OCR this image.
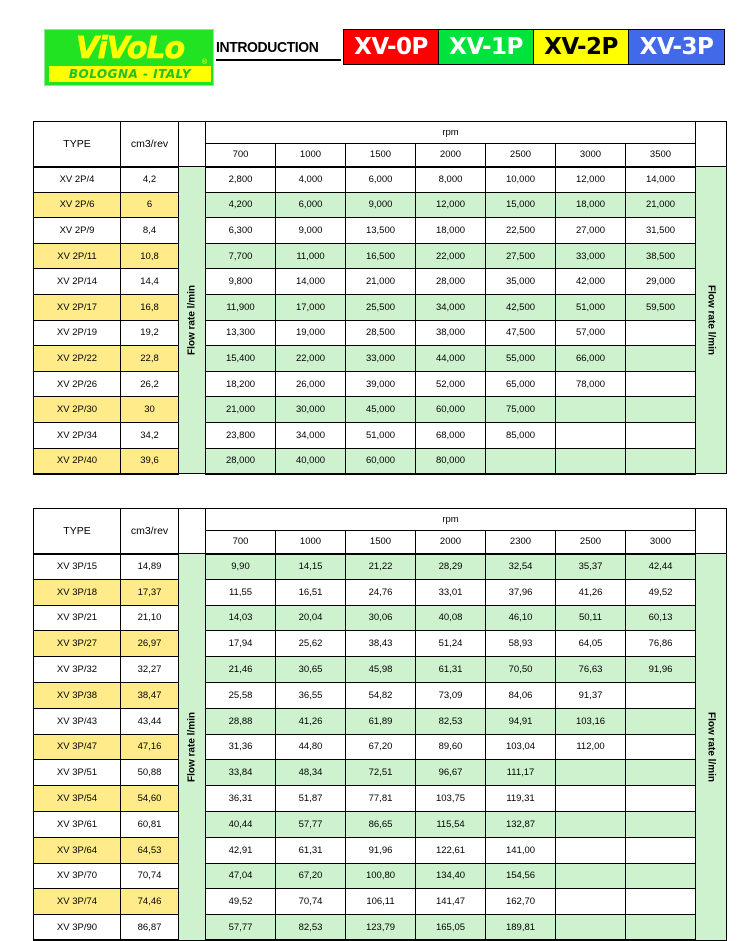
ViVoLo	®
BOLOGNA - ITALY
INTRODUCTION	XV-0P XV-1P XV-2P XV-3P
TYPE	cm3/rev		rpm							
			700	1000	1500	2000	2500	3000	3500	
XV 2P/4	4,2	Flow rate l/min	2,800	4,000	6,000	8,000	10,000	12,000	14,000	Flow rate l/min

XV 2P/6	6		4,200	6,000	9,000	12,000	15,000	18,000	21,000	
XV 2P/9	8,4		6,300	9,000	13,500	18,000	22,500	27,000	31,500	
XV 2P/11	10,8		7,700	11,000	16,500	22,000	27,500	33,000	38,500	
XV 2P/14	14,4		9,800	14,000	21,000	28,000	35,000	42,000	29,000	
XV 2P/17	16,8		11,900	17,000	25,500	34,000	42,500	51,000	59,500	
XV 2P/19	19,2		13,300	19,000	28,500	38,000	47,500	57,000		
XV 2P/22	22,8		15,400	22,000	33,000	44,000	55,000	66,000		
XV 2P/26	26,2		18,200	26,000	39,000	52,000	65,000	78,000		
XV 2P/30	30		21,000	30,000	45,000	60,000	75,000			
XV 2P/34	34,2		23,800	34,000	51,000	68,000	85,000			
XV 2P/40	39,6		28,000	40,000	60,000	80,000				
TYPE	cm3/rev		rpm							
			700	1000	1500	2000	2300	2500	3000	
XV 3P/15	14,89	Flow rate l/min	9,90	14,15	21,22	28,29	32,54	35,37	42,44	Flow rate l/min

XV 3P/18	17,37		11,55	16,51	24,76	33,01	37,96	41,26	49,52	
XV 3P/21	21,10		14,03	20,04	30,06	40,08	46,10	50,11	60,13	
XV 3P/27	26,97		17,94	25,62	38,43	51,24	58,93	64,05	76,86	
XV 3P/32	32,27		21,46	30,65	45,98	61,31	70,50	76,63	91,96	
XV 3P/38	38,47		25,58	36,55	54,82	73,09	84,06	91,37		
XV 3P/43	43,44		28,88	41,26	61,89	82,53	94,91	103,16		
XV 3P/47	47,16		31,36	44,80	67,20	89,60	103,04	112,00		
XV 3P/51	50,88		33,84	48,34	72,51	96,67	111,17			
XV 3P/54	54,60		36,31	51,87	77,81	103,75	119,31			
XV 3P/61	60,81		40,44	57,77	86,65	115,54	132,87			
XV 3P/64	64,53		42,91	61,31	91,96	122,61	141,00			
XV 3P/70	70,74		47,04	67,20	100,80	134,40	154,56			
XV 3P/74	74,46		49,52	70,74	106,11	141,47	162,70			
XV 3P/90	86,87		57,77	82,53	123,79	165,05	189,81			
